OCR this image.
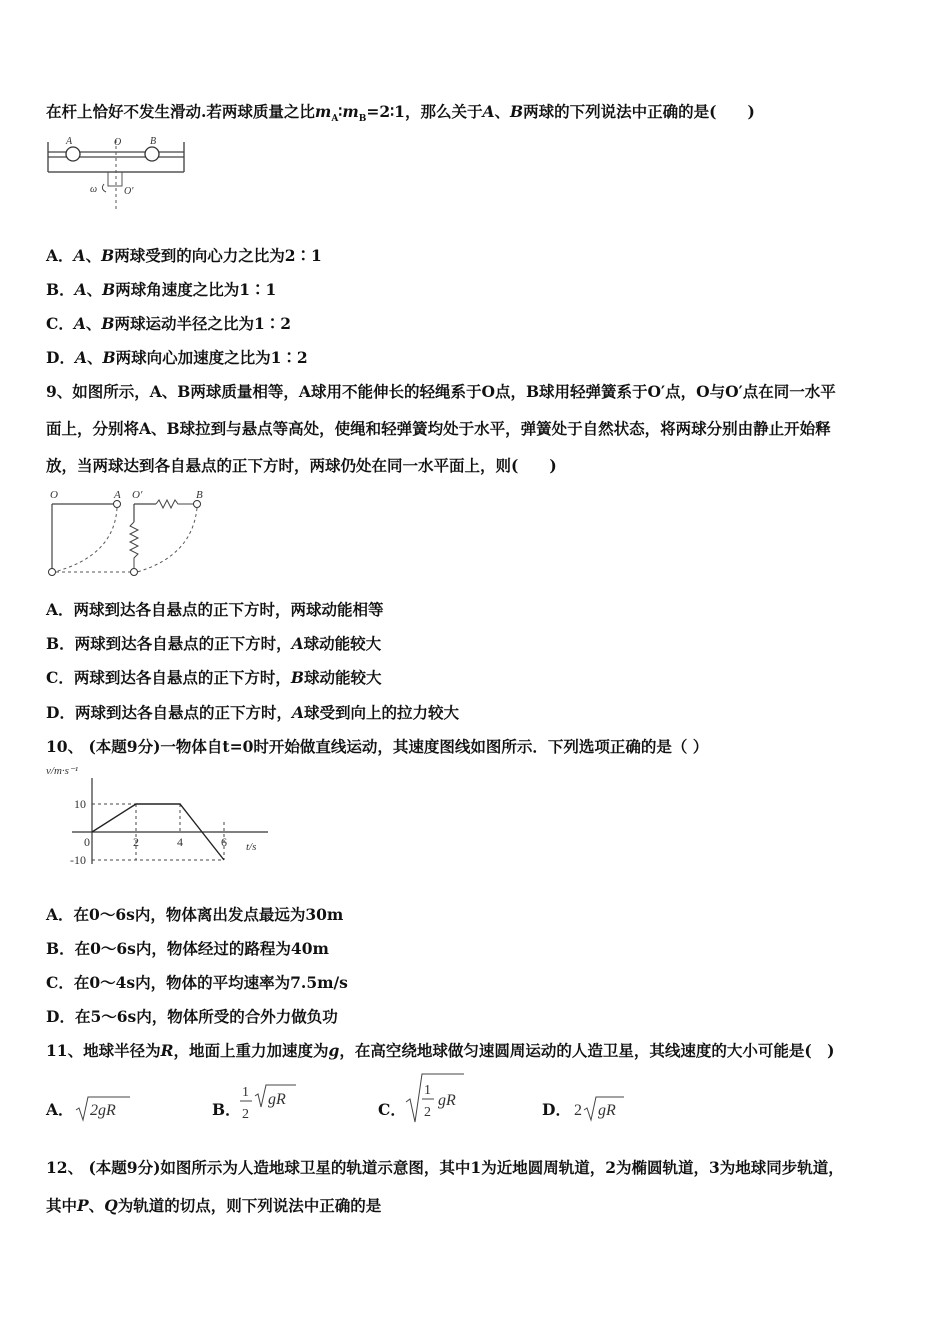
在杆上恰好不发生滑动.若两球质量之比$m_A∶m_B=2∶1$，那么关于A、B两球的下列说法中正确的是(　　)
A	O	B
ω	O′
A．A、B两球受到的向心力之比为2∶1
B．A、B两球角速度之比为1∶1
C．A、B两球运动半径之比为1∶2
D．A、B两球向心加速度之比为1∶2
9、如图所示，A、B两球质量相等，A球用不能伸长的轻绳系于O点，B球用轻弹簧系于O′点，O与O′点在同一水平
面上，分别将A、B球拉到与悬点等高处，使绳和轻弹簧均处于水平，弹簧处于自然状态，将两球分别由静止开始释
放，当两球达到各自悬点的正下方时，两球仍处在同一水平面上，则(　　)
O	A O′	B
A．两球到达各自悬点的正下方时，两球动能相等
B．两球到达各自悬点的正下方时，A球动能较大
C．两球到达各自悬点的正下方时，B球动能较大
D．两球到达各自悬点的正下方时，A球受到向上的拉力较大
10、 (本题9分)一物体自t=0时开始做直线运动，其速度图线如图所示．下列选项正确的是（ ）
v/m·s⁻¹
t/s
0	2	4	6
10
-10
A．在0～6s内，物体离出发点最远为30m
B．在0～6s内，物体经过的路程为40m
C．在0～4s内，物体的平均速率为7.5m/s
D．在5～6s内，物体所受的合外力做负功
11、地球半径为R，地面上重力加速度为g，在高空绕地球做匀速圆周运动的人造卫星，其线速度的大小可能是(　)
A． 2gR	B．
1
2
gR
C．
1
2
gR	D． 2 gR
12、 (本题9分)如图所示为人造地球卫星的轨道示意图，其中1为近地圆周轨道，2为椭圆轨道，3为地球同步轨道，
其中P、Q为轨道的切点，则下列说法中正确的是
